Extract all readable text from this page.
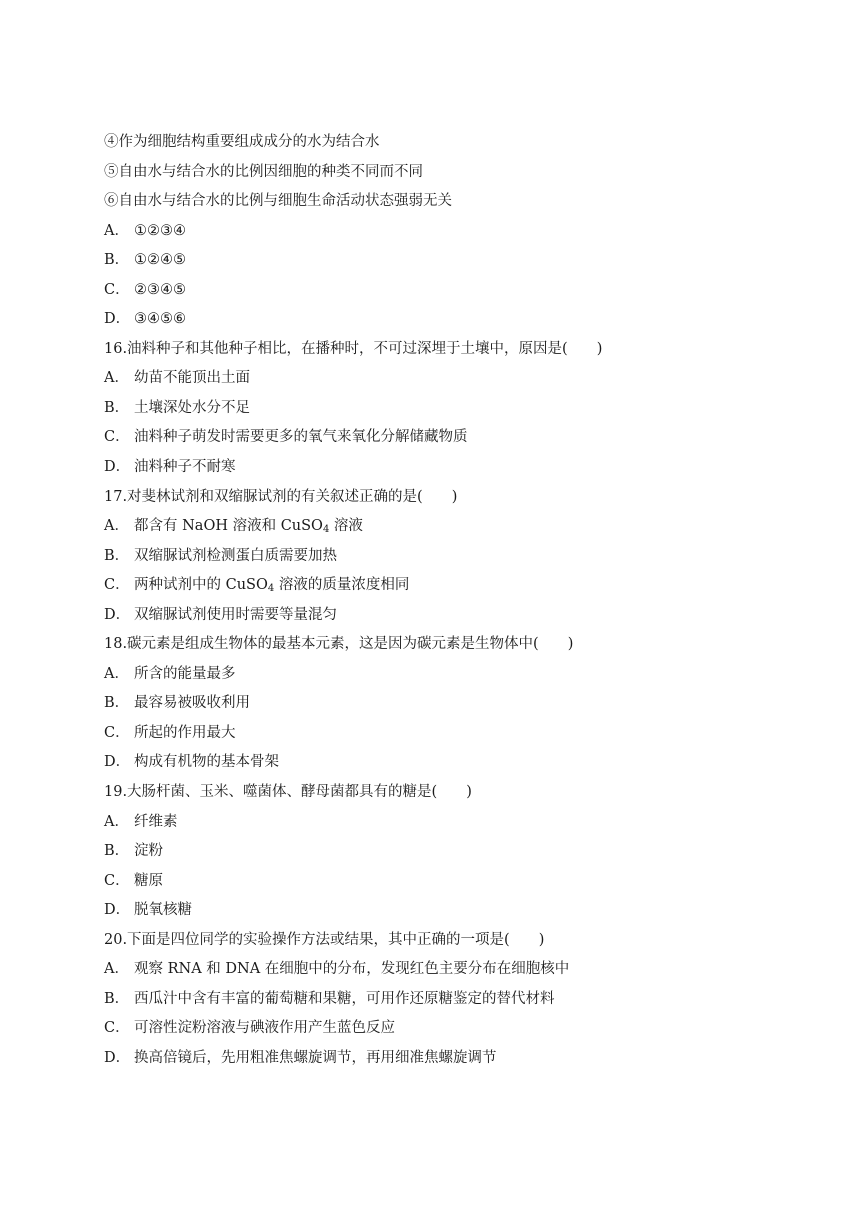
④作为细胞结构重要组成成分的水为结合水
⑤自由水与结合水的比例因细胞的种类不同而不同
⑥自由水与结合水的比例与细胞生命活动状态强弱无关
A． ①②③④
B． ①②④⑤
C． ②③④⑤
D． ③④⑤⑥
16.油料种子和其他种子相比，在播种时，不可过深埋于土壤中，原因是(　　)
A． 幼苗不能顶出土面
B． 土壤深处水分不足
C． 油料种子萌发时需要更多的氧气来氧化分解储藏物质
D． 油料种子不耐寒
17.对斐林试剂和双缩脲试剂的有关叙述正确的是(　　)
A． 都含有 NaOH 溶液和 CuSO$_4$ 溶液
B． 双缩脲试剂检测蛋白质需要加热
C． 两种试剂中的 CuSO$_4$ 溶液的质量浓度相同
D． 双缩脲试剂使用时需要等量混匀
18.碳元素是组成生物体的最基本元素，这是因为碳元素是生物体中(　　)
A． 所含的能量最多
B． 最容易被吸收利用
C． 所起的作用最大
D． 构成有机物的基本骨架
19.大肠杆菌、玉米、噬菌体、酵母菌都具有的糖是(　　)
A． 纤维素
B． 淀粉
C． 糖原
D． 脱氧核糖
20.下面是四位同学的实验操作方法或结果，其中正确的一项是(　　)
A． 观察 RNA 和 DNA 在细胞中的分布，发现红色主要分布在细胞核中
B． 西瓜汁中含有丰富的葡萄糖和果糖，可用作还原糖鉴定的替代材料
C． 可溶性淀粉溶液与碘液作用产生蓝色反应
D． 换高倍镜后，先用粗准焦螺旋调节，再用细准焦螺旋调节
